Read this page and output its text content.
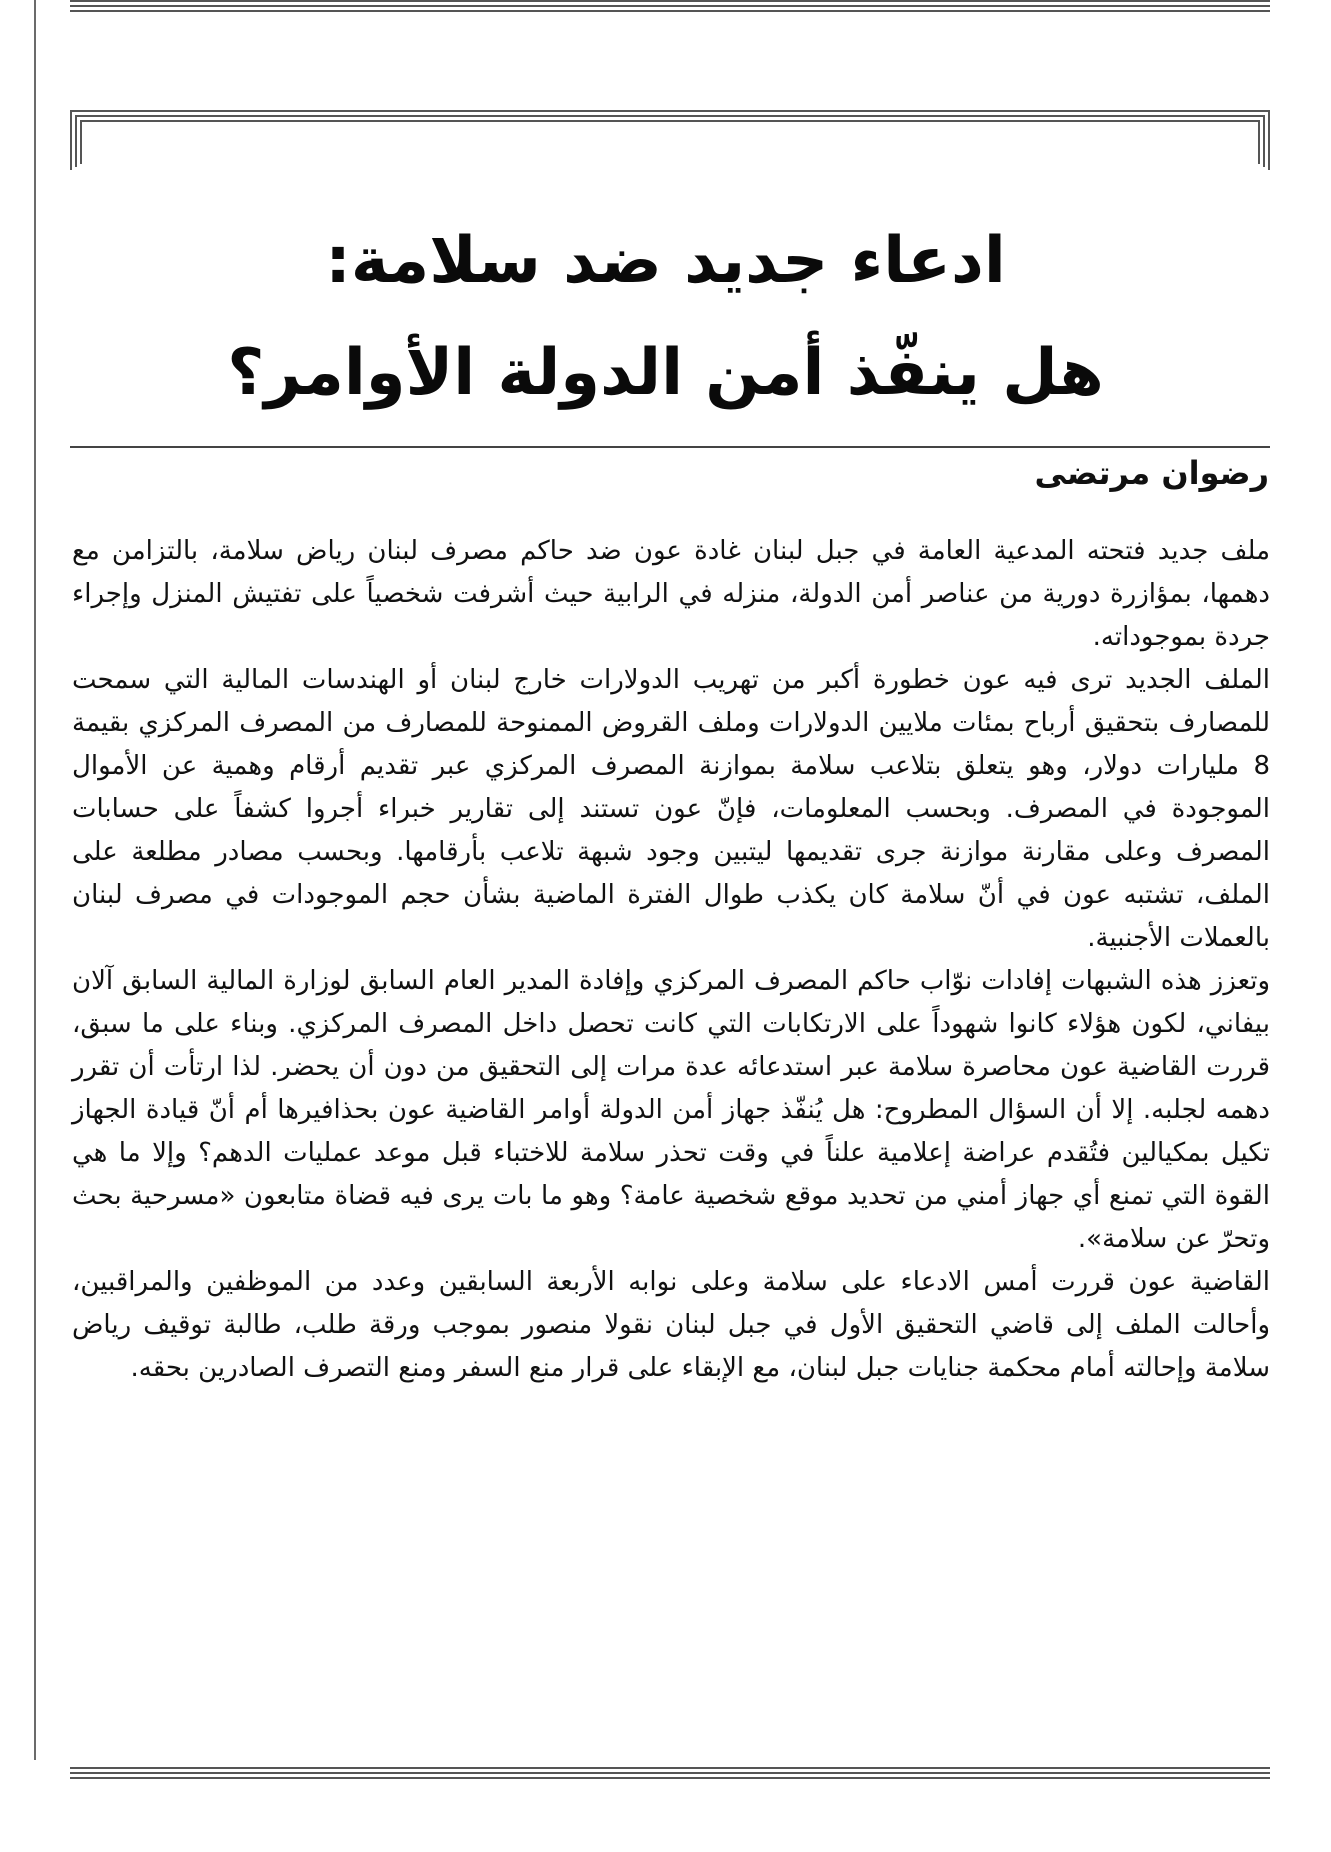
ادعاء جديد ضد سلامة:
هل ينفّذ أمن الدولة الأوامر؟
رضوان مرتضى

ملف جديد فتحته المدعية العامة في جبل لبنان غادة عون ضد حاكم مصرف لبنان رياض سلامة، بالتزامن مع دهمها، بمؤازرة دورية من عناصر أمن الدولة، منزله في الرابية حيث أشرفت شخصياً على تفتيش المنزل وإجراء جردة بموجوداته.

الملف الجديد ترى فيه عون خطورة أكبر من تهريب الدولارات خارج لبنان أو الهندسات المالية التي سمحت للمصارف بتحقيق أرباح بمئات ملايين الدولارات وملف القروض الممنوحة للمصارف من المصرف المركزي بقيمة 8 مليارات دولار، وهو يتعلق بتلاعب سلامة بموازنة المصرف المركزي عبر تقديم أرقام وهمية عن الأموال الموجودة في المصرف. وبحسب المعلومات، فإنّ عون تستند إلى تقارير خبراء أجروا كشفاً على حسابات المصرف وعلى مقارنة موازنة جرى تقديمها ليتبين وجود شبهة تلاعب بأرقامها. وبحسب مصادر مطلعة على الملف، تشتبه عون في أنّ سلامة كان يكذب طوال الفترة الماضية بشأن حجم الموجودات في مصرف لبنان بالعملات الأجنبية.

وتعزز هذه الشبهات إفادات نوّاب حاكم المصرف المركزي وإفادة المدير العام السابق لوزارة المالية السابق آلان بيفاني، لكون هؤلاء كانوا شهوداً على الارتكابات التي كانت تحصل داخل المصرف المركزي. وبناء على ما سبق، قررت القاضية عون محاصرة سلامة عبر استدعائه عدة مرات إلى التحقيق من دون أن يحضر. لذا ارتأت أن تقرر دهمه لجلبه. إلا أن السؤال المطروح: هل يُنفّذ جهاز أمن الدولة أوامر القاضية عون بحذافيرها أم أنّ قيادة الجهاز تكيل بمكيالين فتُقدم عراضة إعلامية علناً في وقت تحذر سلامة للاختباء قبل موعد عمليات الدهم؟ وإلا ما هي القوة التي تمنع أي جهاز أمني من تحديد موقع شخصية عامة؟ وهو ما بات يرى فيه قضاة متابعون «مسرحية بحث وتحرّ عن سلامة».

القاضية عون قررت أمس الادعاء على سلامة وعلى نوابه الأربعة السابقين وعدد من الموظفين والمراقبين، وأحالت الملف إلى قاضي التحقيق الأول في جبل لبنان نقولا منصور بموجب ورقة طلب، طالبة توقيف رياض سلامة وإحالته أمام محكمة جنايات جبل لبنان، مع الإبقاء على قرار منع السفر ومنع التصرف الصادرين بحقه.
